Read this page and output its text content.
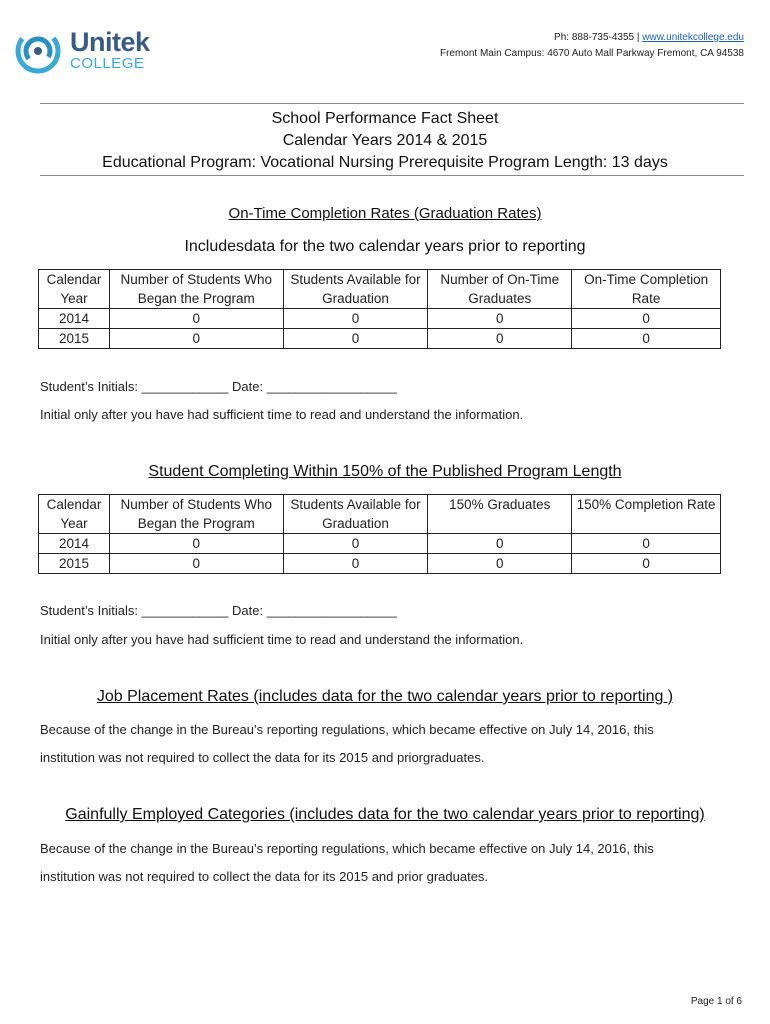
Unitek
COLLEGE
Ph: 888-735-4355 | www.unitekcollege.edu
Fremont Main Campus: 4670 Auto Mall Parkway Fremont, CA 94538
School Performance Fact Sheet
Calendar Years 2014 & 2015
Educational Program: Vocational Nursing Prerequisite Program Length: 13 days
On-Time Completion Rates (Graduation Rates)
Includesdata for the two calendar years prior to reporting
Calendar Year	Number of Students Who Began the Program	Students Available for Graduation	Number of On-Time Graduates	On-Time Completion Rate
2014	0	0	0	0
2015	0	0	0	0
Student’s Initials: ____________ Date: __________________
Initial only after you have had sufficient time to read and understand the information.
Student Completing Within 150% of the Published Program Length
Calendar Year	Number of Students Who Began the Program	Students Available for Graduation	150% Graduates	150% Completion Rate
2014	0	0	0	0
2015	0	0	0	0
Student’s Initials: ____________ Date: __________________
Initial only after you have had sufficient time to read and understand the information.
Job Placement Rates (includes data for the two calendar years prior to reporting )
Because of the change in the Bureau’s reporting regulations, which became effective on July 14, 2016, this
institution was not required to collect the data for its 2015 and priorgraduates.
Gainfully Employed Categories (includes data for the two calendar years prior to reporting)
Because of the change in the Bureau’s reporting regulations, which became effective on July 14, 2016, this
institution was not required to collect the data for its 2015 and prior graduates.
Page 1 of 6
